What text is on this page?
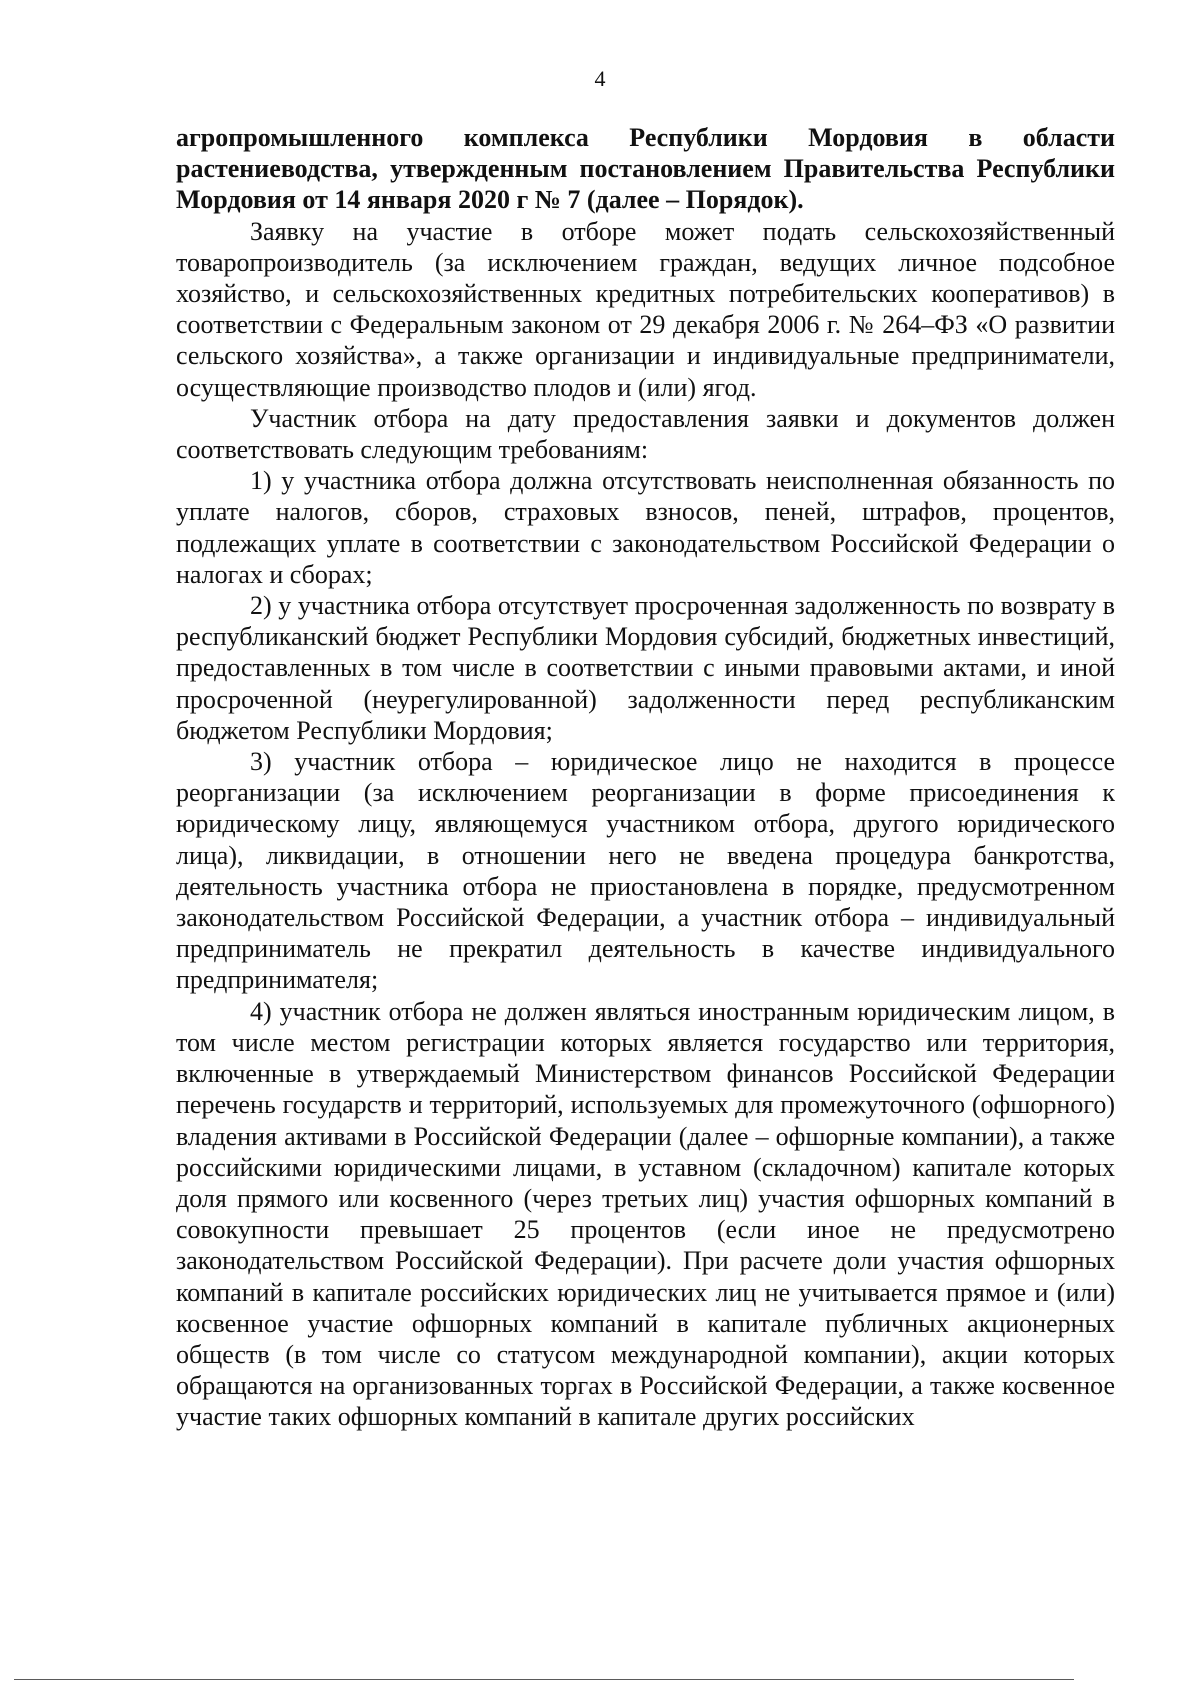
4

агропромышленного комплекса Республики Мордовия в области растениеводства, утвержденным постановлением Правительства Республики Мордовия от 14 января 2020 г № 7 (далее – Порядок).

Заявку на участие в отборе может подать сельскохозяйственный товаропроизводитель (за исключением граждан, ведущих личное подсобное хозяйство, и сельскохозяйственных кредитных потребительских кооперативов) в соответствии с Федеральным законом от 29 декабря 2006 г. № 264–ФЗ «О развитии сельского хозяйства», а также организации и индивидуальные предприниматели, осуществляющие производство плодов и (или) ягод.

Участник отбора на дату предоставления заявки и документов должен соответствовать следующим требованиям:

1) у участника отбора должна отсутствовать неисполненная обязанность по уплате налогов, сборов, страховых взносов, пеней, штрафов, процентов, подлежащих уплате в соответствии с законодательством Российской Федерации о налогах и сборах;

2) у участника отбора отсутствует просроченная задолженность по возврату в республиканский бюджет Республики Мордовия субсидий, бюджетных инвестиций, предоставленных в том числе в соответствии с иными правовыми актами, и иной просроченной (неурегулированной) задолженности перед республиканским бюджетом Республики Мордовия;

3) участник отбора – юридическое лицо не находится в процессе реорганизации (за исключением реорганизации в форме присоединения к юридическому лицу, являющемуся участником отбора, другого юридического лица), ликвидации, в отношении него не введена процедура банкротства, деятельность участника отбора не приостановлена в порядке, предусмотренном законодательством Российской Федерации, а участник отбора – индивидуальный предприниматель не прекратил деятельность в качестве индивидуального предпринимателя;

4) участник отбора не должен являться иностранным юридическим лицом, в том числе местом регистрации которых является государство или территория, включенные в утверждаемый Министерством финансов Российской Федерации перечень государств и территорий, используемых для промежуточного (офшорного) владения активами в Российской Федерации (далее – офшорные компании), а также российскими юридическими лицами, в уставном (складочном) капитале которых доля прямого или косвенного (через третьих лиц) участия офшорных компаний в совокупности превышает 25 процентов (если иное не предусмотрено законодательством Российской Федерации). При расчете доли участия офшорных компаний в капитале российских юридических лиц не учитывается прямое и (или) косвенное участие офшорных компаний в капитале публичных акционерных обществ (в том числе со статусом международной компании), акции которых обращаются на организованных торгах в Российской Федерации, а также косвенное участие таких офшорных компаний в капитале других российских
